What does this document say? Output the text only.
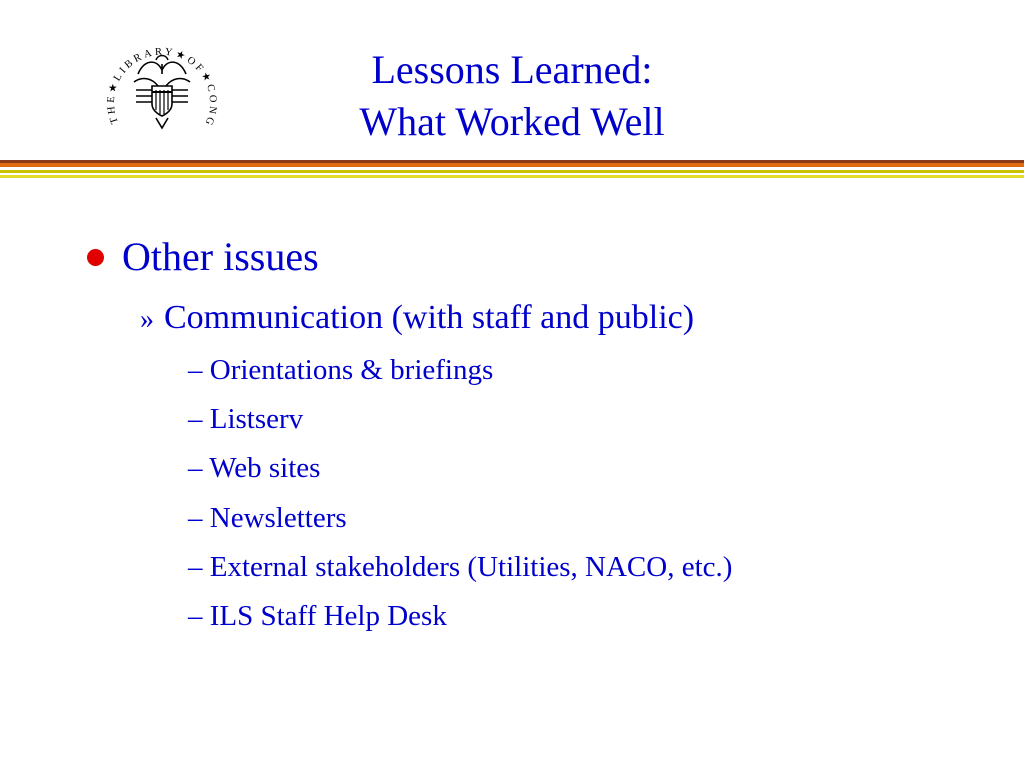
THE★LIBRARY★OF★CONG
Lessons Learned:
What Worked Well
Other issues
» Communication (with staff and public)
– Orientations & briefings
– Listserv
– Web sites
– Newsletters
– External stakeholders (Utilities, NACO, etc.)
– ILS Staff Help Desk
